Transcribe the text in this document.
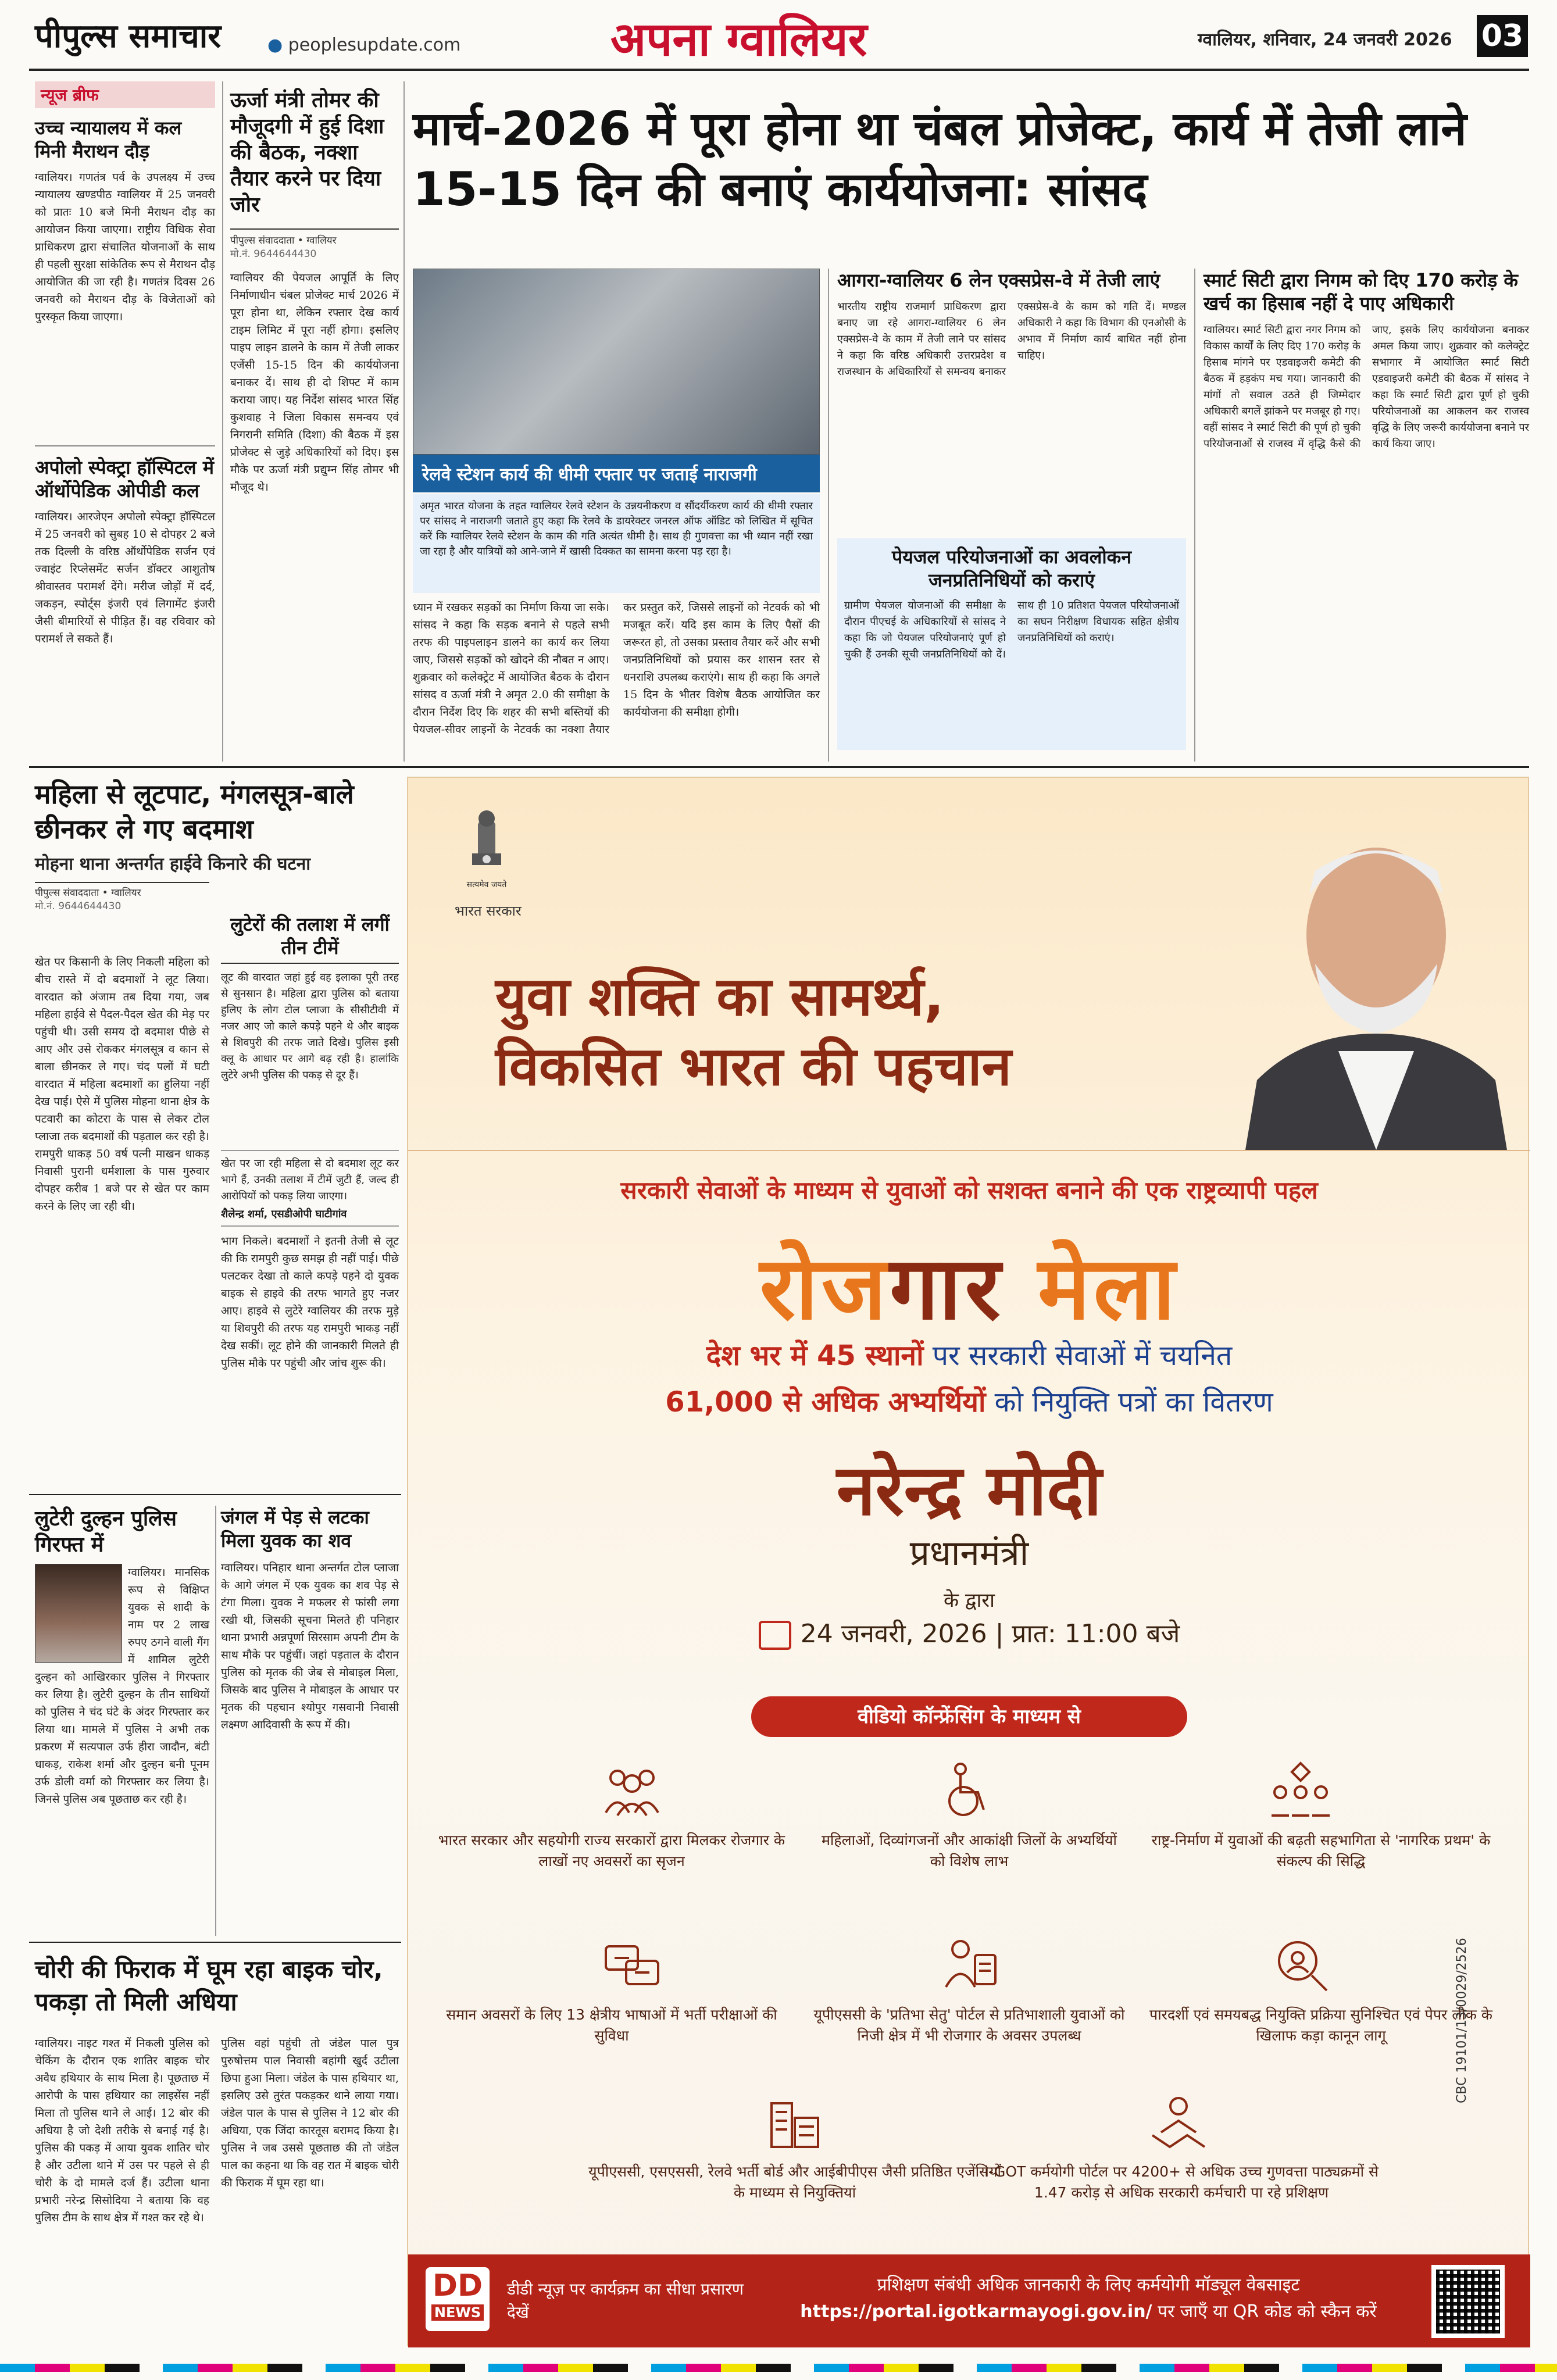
पीपुल्स समाचार	● peoplesupdate.com	अपना ग्वालियर	ग्वालियर, शनिवार, 24 जनवरी 2026 03
न्यूज ब्रीफ
उच्च न्यायालय में कल मिनी मैराथन दौड़
ग्वालियर। गणतंत्र पर्व के उपलक्ष्य में उच्च न्यायालय खण्डपीठ ग्वालियर में 25 जनवरी को प्रातः 10 बजे मिनी मैराथन दौड़ का आयोजन किया जाएगा। राष्ट्रीय विधिक सेवा प्राधिकरण द्वारा संचालित योजनाओं के साथ ही पहली सुरक्षा सांकेतिक रूप से मैराथन दौड़ आयोजित की जा रही है। गणतंत्र दिवस 26 जनवरी को मैराथन दौड़ के विजेताओं को पुरस्कृत किया जाएगा।
अपोलो स्पेक्ट्रा हॉस्पिटल में ऑर्थोपेडिक ओपीडी कल
ग्वालियर। आरजेएन अपोलो स्पेक्ट्रा हॉस्पिटल में 25 जनवरी को सुबह 10 से दोपहर 2 बजे तक दिल्ली के वरिष्ठ ऑर्थोपेडिक सर्जन एवं ज्वाइंट रिप्लेसमेंट सर्जन डॉक्टर आशुतोष श्रीवास्तव परामर्श देंगे। मरीज जोड़ों में दर्द, जकड़न, स्पोर्ट्स इंजरी एवं लिगामेंट इंजरी जैसी बीमारियों से पीड़ित हैं। वह रविवार को परामर्श ले सकते हैं।
ऊर्जा मंत्री तोमर की मौजूदगी में हुई दिशा की बैठक, नक्शा तैयार करने पर दिया जोर
पीपुल्स संवाददाता • ग्वालियर
मो.नं. 9644644430
ग्वालियर की पेयजल आपूर्ति के लिए निर्माणाधीन चंबल प्रोजेक्ट मार्च 2026 में पूरा होना था, लेकिन रफ्तार देख कार्य टाइम लिमिट में पूरा नहीं होगा। इसलिए पाइप लाइन डालने के काम में तेजी लाकर एजेंसी 15-15 दिन की कार्ययोजना बनाकर दें। साथ ही दो शिफ्ट में काम कराया जाए। यह निर्देश सांसद भारत सिंह कुशवाह ने जिला विकास समन्वय एवं निगरानी समिति (दिशा) की बैठक में इस प्रोजेक्ट से जुड़े अधिकारियों को दिए। इस मौके पर ऊर्जा मंत्री प्रद्युम्न सिंह तोमर भी मौजूद थे।
मार्च-2026 में पूरा होना था चंबल प्रोजेक्ट, कार्य में तेजी लाने 15-15 दिन की बनाएं कार्ययोजना: सांसद
रेलवे स्टेशन कार्य की धीमी रफ्तार पर जताई नाराजगी
अमृत भारत योजना के तहत ग्वालियर रेलवे स्टेशन के उन्नयनीकरण व सौंदर्यीकरण कार्य की धीमी रफ्तार पर सांसद ने नाराजगी जताते हुए कहा कि रेलवे के डायरेक्टर जनरल ऑफ ऑडिट को लिखित में सूचित करें कि ग्वालियर रेलवे स्टेशन के काम की गति अत्यंत धीमी है। साथ ही गुणवत्ता का भी ध्यान नहीं रखा जा रहा है और यात्रियों को आने-जाने में खासी दिक्कत का सामना करना पड़ रहा है।
ध्यान में रखकर सड़कों का निर्माण किया जा सके। सांसद ने कहा कि सड़क बनाने से पहले सभी तरफ की पाइपलाइन डालने का कार्य कर लिया जाए, जिससे सड़कों को खोदने की नौबत न आए। शुक्रवार को कलेक्ट्रेट में आयोजित बैठक के दौरान सांसद व ऊर्जा मंत्री ने अमृत 2.0 की समीक्षा के दौरान निर्देश दिए कि शहर की सभी बस्तियों की पेयजल-सीवर लाइनों के नेटवर्क का नक्शा तैयार कर प्रस्तुत करें, जिससे लाइनों को नेटवर्क को भी मजबूत करें। यदि इस काम के लिए पैसों की जरूरत हो, तो उसका प्रस्ताव तैयार करें और सभी जनप्रतिनिधियों को प्रयास कर शासन स्तर से धनराशि उपलब्ध कराएंगे। साथ ही कहा कि अगले 15 दिन के भीतर विशेष बैठक आयोजित कर कार्ययोजना की समीक्षा होगी।
आगरा-ग्वालियर 6 लेन एक्सप्रेस-वे में तेजी लाएं
भारतीय राष्ट्रीय राजमार्ग प्राधिकरण द्वारा बनाए जा रहे आगरा-ग्वालियर 6 लेन एक्सप्रेस-वे के काम में तेजी लाने पर सांसद ने कहा कि वरिष्ठ अधिकारी उत्तरप्रदेश व राजस्थान के अधिकारियों से समन्वय बनाकर एक्सप्रेस-वे के काम को गति दें। मण्डल अधिकारी ने कहा कि विभाग की एनओसी के अभाव में निर्माण कार्य बाधित नहीं होना चाहिए।
पेयजल परियोजनाओं का अवलोकन जनप्रतिनिधियों को कराएं
ग्रामीण पेयजल योजनाओं की समीक्षा के दौरान पीएचई के अधिकारियों से सांसद ने कहा कि जो पेयजल परियोजनाएं पूर्ण हो चुकी हैं उनकी सूची जनप्रतिनिधियों को दें। साथ ही 10 प्रतिशत पेयजल परियोजनाओं का सघन निरीक्षण विधायक सहित क्षेत्रीय जनप्रतिनिधियों को कराएं।
स्मार्ट सिटी द्वारा निगम को दिए 170 करोड़ के खर्च का हिसाब नहीं दे पाए अधिकारी
ग्वालियर। स्मार्ट सिटी द्वारा नगर निगम को विकास कार्यों के लिए दिए 170 करोड़ के हिसाब मांगने पर एडवाइजरी कमेटी की बैठक में हड़कंप मच गया। जानकारी की मांगों तो सवाल उठते ही जिम्मेदार अधिकारी बगलें झांकने पर मजबूर हो गए। वहीं सांसद ने स्मार्ट सिटी की पूर्ण हो चुकी परियोजनाओं से राजस्व में वृद्धि कैसे की जाए, इसके लिए कार्ययोजना बनाकर अमल किया जाए। शुक्रवार को कलेक्ट्रेट सभागार में आयोजित स्मार्ट सिटी एडवाइजरी कमेटी की बैठक में सांसद ने कहा कि स्मार्ट सिटी द्वारा पूर्ण हो चुकी परियोजनाओं का आकलन कर राजस्व वृद्धि के लिए जरूरी कार्ययोजना बनाने पर कार्य किया जाए।
महिला से लूटपाट, मंगलसूत्र-बाले छीनकर ले गए बदमाश
मोहना थाना अन्तर्गत हाईवे किनारे की घटना
पीपुल्स संवाददाता • ग्वालियर
मो.नं. 9644644430
खेत पर किसानी के लिए निकली महिला को बीच रास्ते में दो बदमाशों ने लूट लिया। वारदात को अंजाम तब दिया गया, जब महिला हाईवे से पैदल-पैदल खेत की मेड़ पर पहुंची थी। उसी समय दो बदमाश पीछे से आए और उसे रोककर मंगलसूत्र व कान से बाला छीनकर ले गए। चंद पलों में घटी वारदात में महिला बदमाशों का हुलिया नहीं देख पाई। ऐसे में पुलिस मोहना थाना क्षेत्र के पटवारी का कोटरा के पास से लेकर टोल प्लाजा तक बदमाशों की पड़ताल कर रही है। रामपुरी धाकड़ 50 वर्ष पत्नी माखन धाकड़ निवासी पुरानी धर्मशाला के पास गुरुवार दोपहर करीब 1 बजे पर से खेत पर काम करने के लिए जा रही थी।
लुटेरों की तलाश में लगीं तीन टीमें
लूट की वारदात जहां हुई वह इलाका पूरी तरह से सुनसान है। महिला द्वारा पुलिस को बताया हुलिए के लोग टोल प्लाजा के सीसीटीवी में नजर आए जो काले कपड़े पहने थे और बाइक से शिवपुरी की तरफ जाते दिखे। पुलिस इसी क्लू के आधार पर आगे बढ़ रही है। हालांकि लुटेरे अभी पुलिस की पकड़ से दूर हैं।
खेत पर जा रही महिला से दो बदमाश लूट कर भागे हैं, उनकी तलाश में टीमें जुटी हैं, जल्द ही आरोपियों को पकड़ लिया जाएगा।
शैलेन्द्र शर्मा, एसडीओपी घाटीगांव
भाग निकले। बदमाशों ने इतनी तेजी से लूट की कि रामपुरी कुछ समझ ही नहीं पाई। पीछे पलटकर देखा तो काले कपड़े पहने दो युवक बाइक से हाइवे की तरफ भागते हुए नजर आए। हाइवे से लुटेरे ग्वालियर की तरफ मुड़े या शिवपुरी की तरफ यह रामपुरी भाकड़ नहीं देख सकीं। लूट होने की जानकारी मिलते ही पुलिस मौके पर पहुंची और जांच शुरू की।
लुटेरी दुल्हन पुलिस गिरफ्त में
ग्वालियर। मानसिक रूप से विक्षिप्त युवक से शादी के नाम पर 2 लाख रुपए ठगने वाली गैंग में शामिल लुटेरी दुल्हन को आखिरकार पुलिस ने गिरफ्तार कर लिया है। लुटेरी दुल्हन के तीन साथियों को पुलिस ने चंद घंटे के अंदर गिरफ्तार कर लिया था। मामले में पुलिस ने अभी तक प्रकरण में सत्यपाल उर्फ हीरा जादौन, बंटी धाकड़, राकेश शर्मा और दुल्हन बनी पूनम उर्फ डोली वर्मा को गिरफ्तार कर लिया है। जिनसे पुलिस अब पूछताछ कर रही है।
जंगल में पेड़ से लटका मिला युवक का शव
ग्वालियर। पनिहार थाना अन्तर्गत टोल प्लाजा के आगे जंगल में एक युवक का शव पेड़ से टंगा मिला। युवक ने मफलर से फांसी लगा रखी थी, जिसकी सूचना मिलते ही पनिहार थाना प्रभारी अन्नपूर्णा सिरसाम अपनी टीम के साथ मौके पर पहुंचीं। जहां पड़ताल के दौरान पुलिस को मृतक की जेब से मोबाइल मिला, जिसके बाद पुलिस ने मोबाइल के आधार पर मृतक की पहचान श्योपुर गसवानी निवासी लक्ष्मण आदिवासी के रूप में की।
चोरी की फिराक में घूम रहा बाइक चोर, पकड़ा तो मिली अधिया
ग्वालियर। नाइट गश्त में निकली पुलिस को चेकिंग के दौरान एक शातिर बाइक चोर अवैध हथियार के साथ मिला है। पूछताछ में आरोपी के पास हथियार का लाइसेंस नहीं मिला तो पुलिस थाने ले आई। 12 बोर की अधिया है जो देशी तरीके से बनाई गई है। पुलिस की पकड़ में आया युवक शातिर चोर है और उटीला थाने में उस पर पहले से ही चोरी के दो मामले दर्ज हैं। उटीला थाना प्रभारी नरेन्द्र सिसोदिया ने बताया कि वह पुलिस टीम के साथ क्षेत्र में गश्त कर रहे थे।
पुलिस वहां पहुंची तो जंडेल पाल पुत्र पुरुषोत्तम पाल निवासी बहांगी खुर्द उटीला छिपा हुआ मिला। जंडेल के पास हथियार था, इसलिए उसे तुरंत पकड़कर थाने लाया गया। जंडेल पाल के पास से पुलिस ने 12 बोर की अधिया, एक जिंदा कारतूस बरामद किया है। पुलिस ने जब उससे पूछताछ की तो जंडेल पाल का कहना था कि वह रात में बाइक चोरी की फिराक में घूम रहा था।
सत्यमेव जयते
भारत सरकार
युवा शक्ति का सामर्थ्य,
विकसित भारत की पहचान
सरकारी सेवाओं के माध्यम से युवाओं को सशक्त बनाने की एक राष्ट्रव्यापी पहल
रोजगार मेला
देश भर में 45 स्थानों पर सरकारी सेवाओं में चयनित
61,000 से अधिक अभ्यर्थियों को नियुक्ति पत्रों का वितरण
नरेन्द्र मोदी
प्रधानमंत्री
के द्वारा
24 जनवरी, 2026 | प्रात: 11:00 बजे
वीडियो कॉन्फ्रेंसिंग के माध्यम से
भारत सरकार और सहयोगी राज्य सरकारों द्वारा मिलकर रोजगार के लाखों नए अवसरों का सृजन
महिलाओं, दिव्यांगजनों और आकांक्षी जिलों के अभ्यर्थियों को विशेष लाभ
राष्ट्र-निर्माण में युवाओं की बढ़ती सहभागिता से 'नागरिक प्रथम' के संकल्प की सिद्धि
समान अवसरों के लिए 13 क्षेत्रीय भाषाओं में भर्ती परीक्षाओं की सुविधा
यूपीएससी के 'प्रतिभा सेतु' पोर्टल से प्रतिभाशाली युवाओं को निजी क्षेत्र में भी रोजगार के अवसर उपलब्ध
पारदर्शी एवं समयबद्ध नियुक्ति प्रक्रिया सुनिश्चित एवं पेपर लीक के खिलाफ कड़ा कानून लागू
यूपीएससी, एसएससी, रेलवे भर्ती बोर्ड और आईबीपीएस जैसी प्रतिष्ठित एजेंसियों के माध्यम से नियुक्तियां
i-GOT कर्मयोगी पोर्टल पर 4200+ से अधिक उच्च गुणवत्ता पाठ्यक्रमों से 1.47 करोड़ से अधिक सरकारी कर्मचारी पा रहे प्रशिक्षण
CBC 19101/13/0029/2526
DD
NEWS
डीडी न्यूज़ पर कार्यक्रम का सीधा प्रसारण देखें
प्रशिक्षण संबंधी अधिक जानकारी के लिए कर्मयोगी मॉड्यूल वेबसाइट
https://portal.igotkarmayogi.gov.in/ पर जाएँ या QR कोड को स्कैन करें
